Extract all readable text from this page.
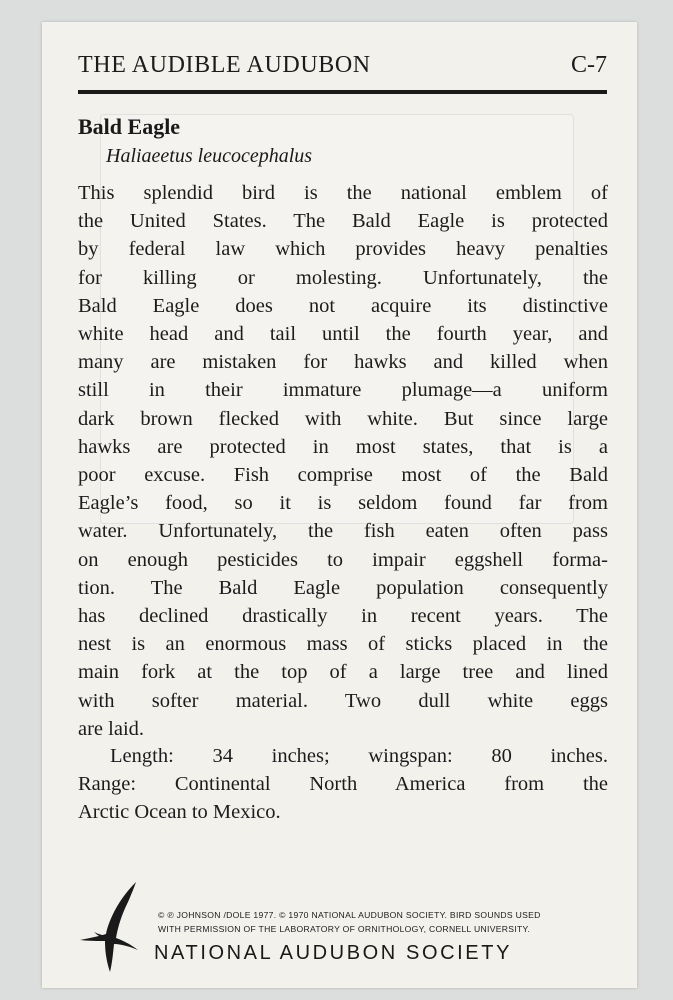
THE AUDIBLE AUDUBON	C-7
Bald Eagle
Haliaeetus leucocephalus
This splendid bird is the national emblem of
the United States. The Bald Eagle is protected
by federal law which provides heavy penalties
for killing or molesting. Unfortunately, the
Bald Eagle does not acquire its distinctive
white head and tail until the fourth year, and
many are mistaken for hawks and killed when
still in their immature plumage—a uniform
dark brown flecked with white. But since large
hawks are protected in most states, that is a
poor excuse. Fish comprise most of the Bald
Eagle’s food, so it is seldom found far from
water. Unfortunately, the fish eaten often pass
on enough pesticides to impair eggshell forma-
tion. The Bald Eagle population consequently
has declined drastically in recent years. The
nest is an enormous mass of sticks placed in the
main fork at the top of a large tree and lined
with softer material. Two dull white eggs
are laid.
Length: 34 inches; wingspan: 80 inches.
Range: Continental North America from the
Arctic Ocean to Mexico.
© ℗ JOHNSON /DOLE 1977. © 1970 NATIONAL AUDUBON SOCIETY. BIRD SOUNDS USED
WITH PERMISSION OF THE LABORATORY OF ORNITHOLOGY, CORNELL UNIVERSITY.
NATIONAL AUDUBON SOCIETY
